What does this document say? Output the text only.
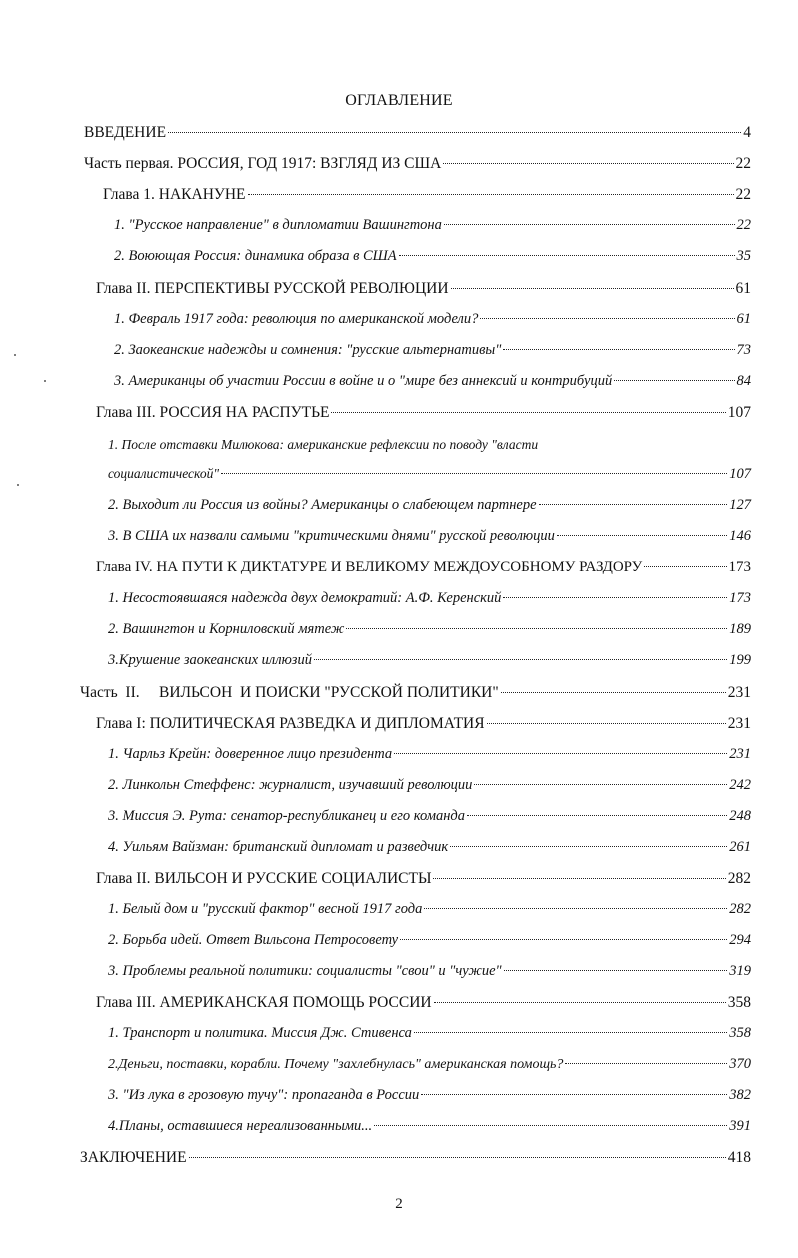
ОГЛАВЛЕНИЕ
ВВЕДЕНИЕ	4
Часть первая. РОССИЯ, ГОД 1917: ВЗГЛЯД ИЗ США	22
Глава 1. НАКАНУНЕ	22
1. "Русское направление" в дипломатии Вашингтона	22
2. Воюющая Россия: динамика образа в США	35
Глава II. ПЕРСПЕКТИВЫ РУССКОЙ РЕВОЛЮЦИИ	61
1. Февраль 1917 года: революция по американской модели?	61
2. Заокеанские надежды и сомнения: "русские альтернативы"	73
3. Американцы об участии России в войне и о "мире без аннексий и контрибуций	84
Глава III. РОССИЯ НА РАСПУТЬЕ	107
1. После отставки Милюкова: американские рефлексии по поводу "власти
социалистической"	107
2. Выходит ли Россия из войны? Американцы о слабеющем партнере	127
3. В США их назвали самыми "критическими днями" русской революции	146
Глава IV. НА ПУТИ К ДИКТАТУРЕ И ВЕЛИКОМУ МЕЖДОУСОБНОМУ РАЗДОРУ	173
1. Несостоявшаяся надежда двух демократий: А.Ф. Керенский	173
2. Вашингтон и Корниловский мятеж	189
3.Крушение заокеанских иллюзий	199
Часть  II.     ВИЛЬСОН  И ПОИСКИ "РУССКОЙ ПОЛИТИКИ"	231
Глава I: ПОЛИТИЧЕСКАЯ РАЗВЕДКА И ДИПЛОМАТИЯ	231
1. Чарльз Крейн: доверенное лицо президента	231
2. Линкольн Стеффенс: журналист, изучавший революции	242
3. Миссия Э. Рута: сенатор-республиканец и его команда	248
4. Уильям Вайзман: британский дипломат и разведчик	261
Глава II. ВИЛЬСОН И РУССКИЕ СОЦИАЛИСТЫ	282
1. Белый дом и "русский фактор" весной 1917 года	282
2. Борьба идей. Ответ Вильсона Петросовету	294
3. Проблемы реальной политики: социалисты "свои" и "чужие"	319
Глава III. АМЕРИКАНСКАЯ ПОМОЩЬ РОССИИ	358
1. Транспорт и политика. Миссия Дж. Стивенса	358
2.Деньги, поставки, корабли. Почему "захлебнулась" американская помощь?	370
3. "Из лука в грозовую тучу": пропаганда в России	382
4.Планы, оставшиеся нереализованными...	391
ЗАКЛЮЧЕНИЕ	418
2
